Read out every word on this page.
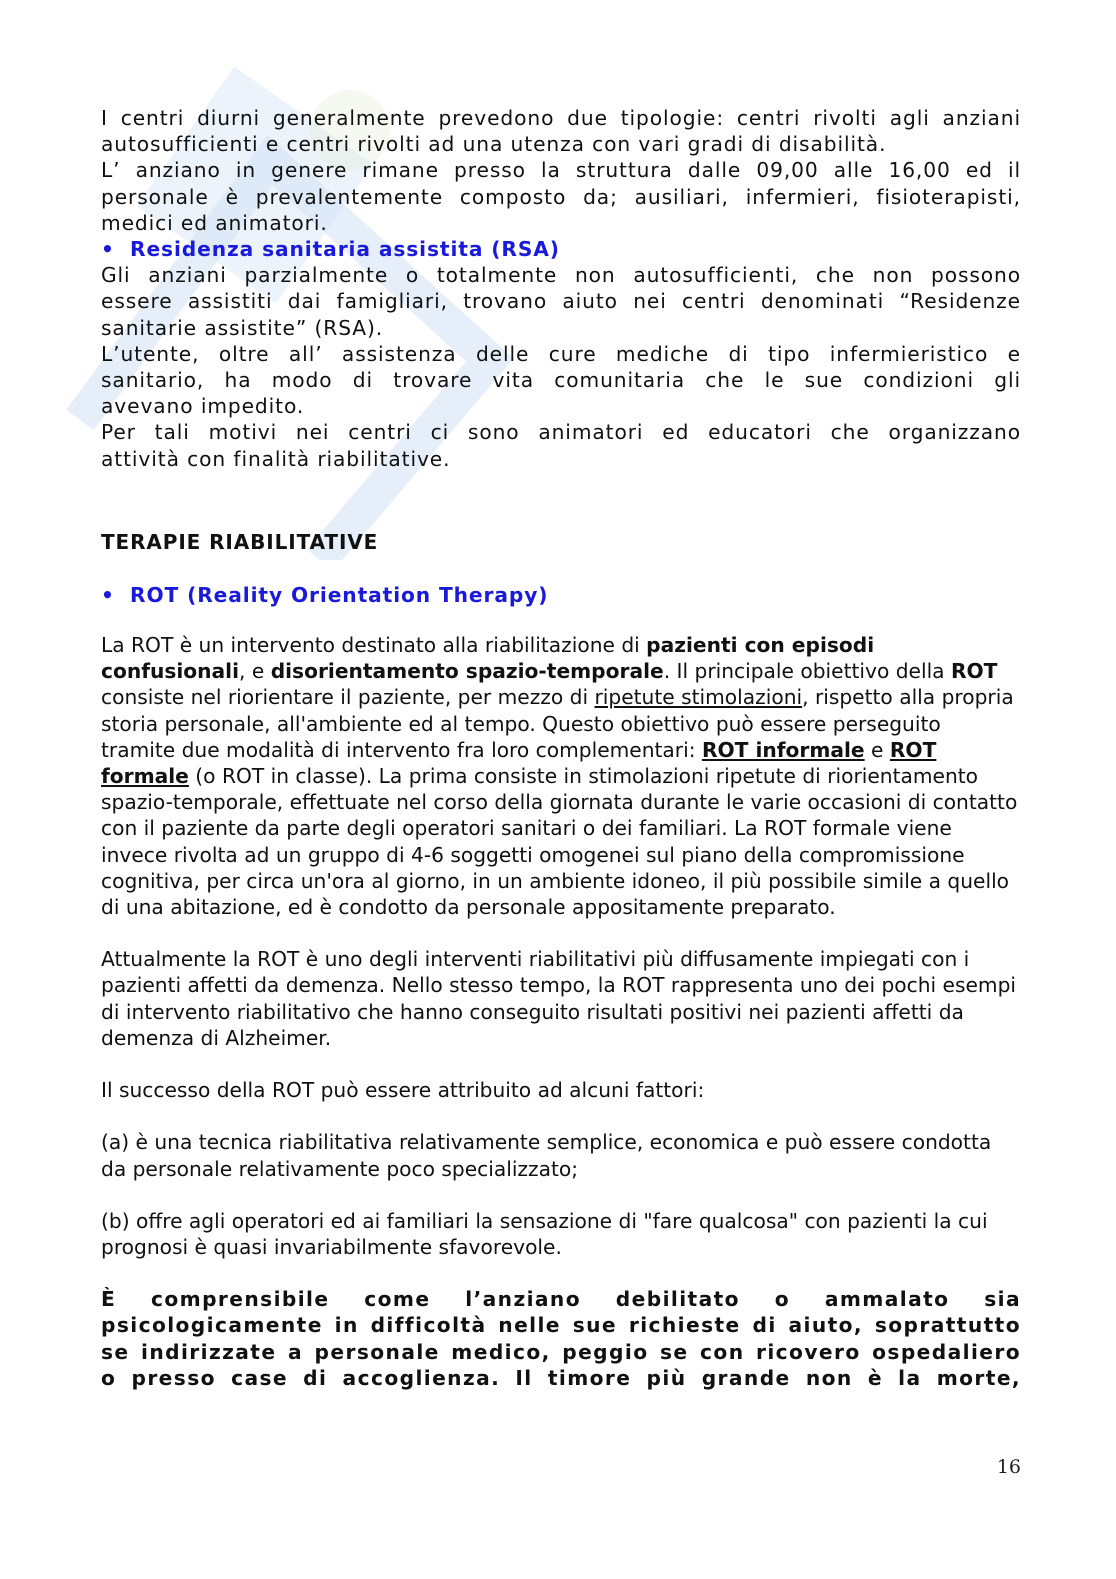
I centri diurni generalmente prevedono due tipologie: centri rivolti agli anziani

autosufficienti e centri rivolti ad una utenza con vari gradi di disabilità.

L’ anziano in genere rimane presso la struttura dalle 09,00 alle 16,00 ed il

personale è prevalentemente composto da; ausiliari, infermieri, fisioterapisti,

medici ed animatori.

• Residenza sanitaria assistita (RSA)

Gli anziani parzialmente o totalmente non autosufficienti, che non possono

essere assistiti dai famigliari, trovano aiuto nei centri denominati “Residenze

sanitarie assistite” (RSA).

L’utente, oltre all’ assistenza delle cure mediche di tipo infermieristico e

sanitario, ha modo di trovare vita comunitaria che le sue condizioni gli

avevano impedito.

Per tali motivi nei centri ci sono animatori ed educatori che organizzano

attività con finalità riabilitative.

TERAPIE RIABILITATIVE

• ROT (Reality Orientation Therapy)

La ROT è un intervento destinato alla riabilitazione di pazienti con episodi confusionali, e disorientamento spazio-temporale. Il principale obiettivo della ROT consiste nel riorientare il paziente, per mezzo di ripetute stimolazioni, rispetto alla propria storia personale, all'ambiente ed al tempo. Questo obiettivo può essere perseguito tramite due modalità di intervento fra loro complementari: ROT informale e ROT formale (o ROT in classe). La prima consiste in stimolazioni ripetute di riorientamento spazio-temporale, effettuate nel corso della giornata durante le varie occasioni di contatto con il paziente da parte degli operatori sanitari o dei familiari. La ROT formale viene invece rivolta ad un gruppo di 4-6 soggetti omogenei sul piano della compromissione cognitiva, per circa un'ora al giorno, in un ambiente idoneo, il più possibile simile a quello di una abitazione, ed è condotto da personale appositamente preparato.

Attualmente la ROT è uno degli interventi riabilitativi più diffusamente impiegati con i pazienti affetti da demenza. Nello stesso tempo, la ROT rappresenta uno dei pochi esempi di intervento riabilitativo che hanno conseguito risultati positivi nei pazienti affetti da demenza di Alzheimer.

Il successo della ROT può essere attribuito ad alcuni fattori:

(a) è una tecnica riabilitativa relativamente semplice, economica e può essere condotta da personale relativamente poco specializzato;

(b) offre agli operatori ed ai familiari la sensazione di "fare qualcosa" con pazienti la cui prognosi è quasi invariabilmente sfavorevole.

È comprensibile come l’anziano debilitato o ammalato sia

psicologicamente in difficoltà nelle sue richieste di aiuto, soprattutto

se indirizzate a personale medico, peggio se con ricovero ospedaliero

o presso case di accoglienza. Il timore più grande non è la morte,

16
